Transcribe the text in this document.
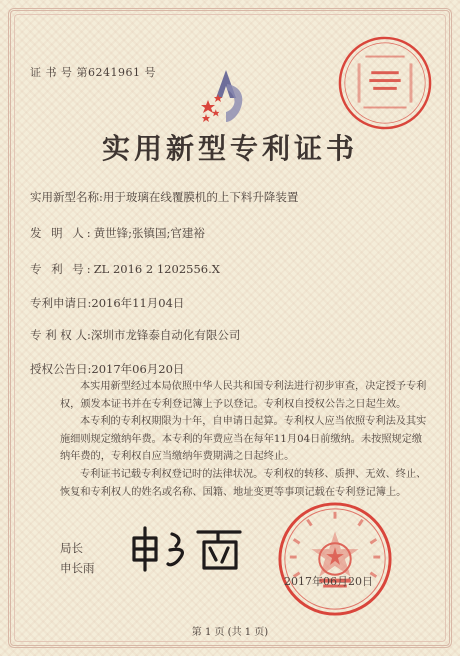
证 书 号 第6241961 号
实用新型专利证书
实用新型名称:用于玻璃在线覆膜机的上下料升降装置
发 明 人:黄世锋;张镇国;官建裕
专 利 号:ZL 2016 2 1202556.X
专利申请日:2016年11月04日
专 利 权 人:深圳市龙锋泰自动化有限公司
授权公告日:2017年06月20日

本实用新型经过本局依照中华人民共和国专利法进行初步审查，决定授予专利权，颁发本证书并在专利登记簿上予以登记。专利权自授权公告之日起生效。

本专利的专利权期限为十年，自申请日起算。专利权人应当依照专利法及其实施细则规定缴纳年费。本专利的年费应当在每年11月04日前缴纳。未按照规定缴纳年费的，专利权自应当缴纳年费期满之日起终止。

专利证书记载专利权登记时的法律状况。专利权的转移、质押、无效、终止、恢复和专利权人的姓名或名称、国籍、地址变更等事项记载在专利登记簿上。

局长
申长雨
2017年06月20日
第 1 页 (共 1 页)
